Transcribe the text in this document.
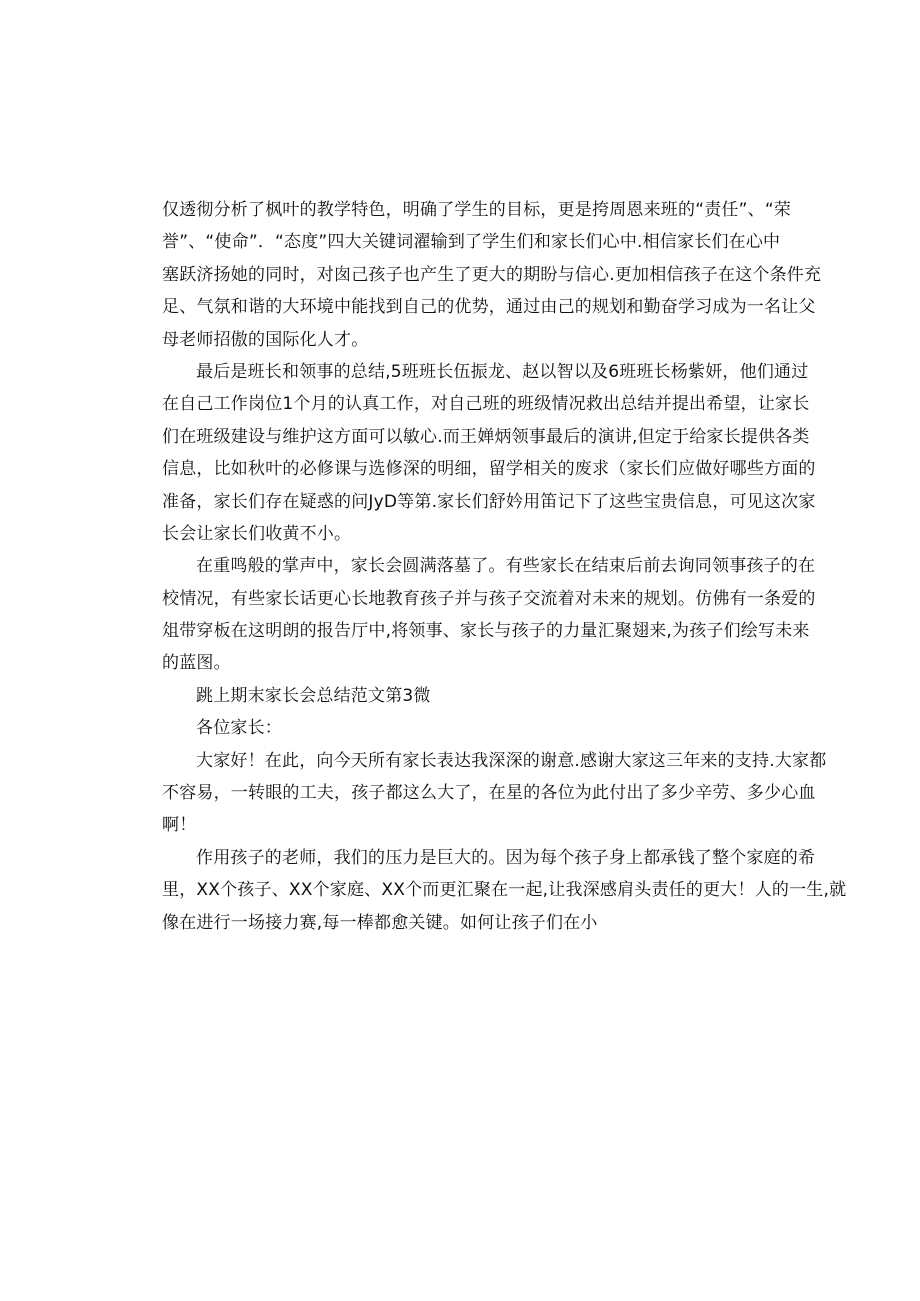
仅透彻分析了枫叶的教学特色，明确了学生的目标，更是挎周恩来班的“责任”、“荣
誉”、“使命”．“态度”四大关键词濯输到了学生们和家长们心中.相信家长们在心中
塞跃济扬她的同时，对囱己孩子也产生了更大的期盼与信心.更加相信孩子在这个条件充
足、气氛和谐的大环境中能找到自己的优势，通过由己的规划和勤奋学习成为一名让父
母老师招傲的国际化人才。
最后是班长和领事的总结,5班班长伍振龙、赵以智以及6班班长杨紫妍，他们通过
在自己工作岗位1个月的认真工作，对自己班的班级情况救出总结并提出希望，让家长
们在班级建设与维护这方面可以敏心.而王婵炳领事最后的演讲,但定于给家长提供各类
信息，比如秋叶的必修课与选修深的明细，留学相关的废求（家长们应做好哪些方面的
准备，家长们存在疑惑的问JyD等第.家长们舒妗用笛记下了这些宝贵信息，可见这次家
长会让家长们收黄不小。
在重鸣般的掌声中，家长会圆满落墓了。有些家长在结束后前去询同领事孩子的在
校情况，有些家长话更心长地教育孩子并与孩子交流着对未来的规划。仿佛有一条爱的
俎带穿板在这明朗的报告厅中,将领事、家长与孩子的力量汇聚翅来,为孩子们绘写未来
的蓝图。
跳上期末家长会总结范文第3微
各位家长：
大家好！在此，向今天所有家长表达我深深的谢意.感谢大家这三年来的支持.大家都
不容易，一转眼的工夫，孩子都这么大了，在星的各位为此付出了多少辛劳、多少心血
啊！
作用孩子的老师，我们的压力是巨大的。因为每个孩子身上都承钱了整个家庭的希
里，XX个孩子、XX个家庭、XX个而更汇聚在一起,让我深感肩头责任的更大！人的一生,就
像在进行一场接力赛,每一棒都愈关键。如何让孩子们在小
